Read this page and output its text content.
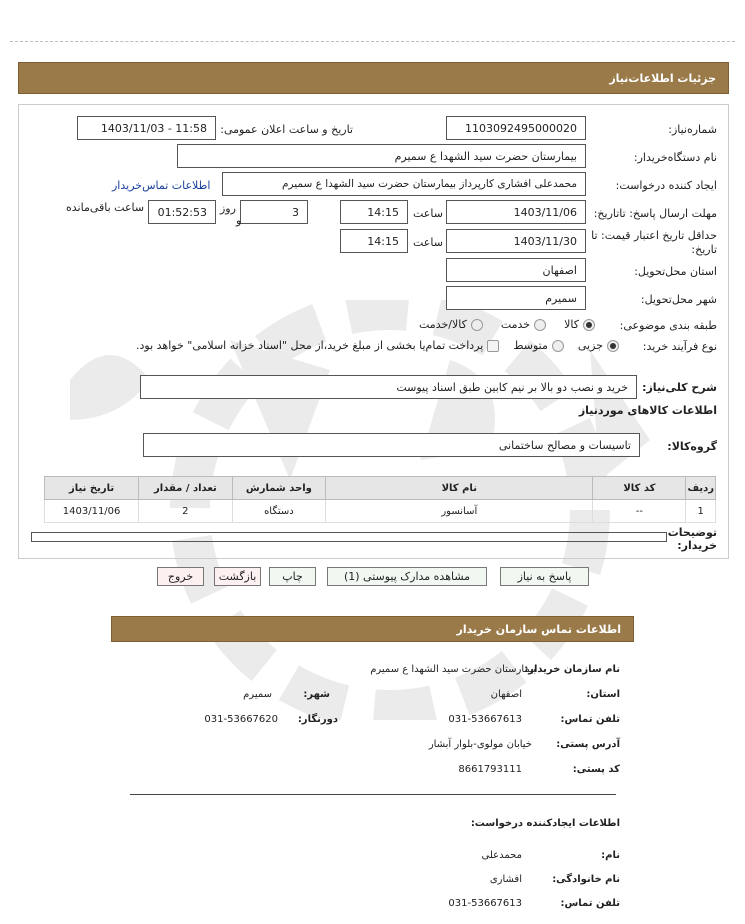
جزئیات اطلاعات‌نیاز
شماره‌نیاز:
1103092495000020
تاریخ و ساعت اعلان عمومی:
1403/11/03 - 11:58
نام دستگاه‌خریدار:
بیمارستان حضرت سید الشهدا ع سمیرم
ایجاد کننده درخواست:
محمدعلی افشاری کارپرداز بیمارستان حضرت سید الشهدا ع سمیرم
اطلاعات تماس‌خریدار
مهلت ارسال پاسخ: تاتاریخ:
1403/11/06
ساعت
14:15
3
روز
و
01:52:53
ساعت باقی‌مانده
حداقل تاریخ اعتبار قیمت: تا تاریخ:
1403/11/30
ساعت
14:15
استان محل‌تحویل:
اصفهان
شهر محل‌تحویل:
سمیرم
طبقه بندی موضوعی:
کالا
خدمت
کالا/خدمت
نوع فرآیند خرید:
جزیی
متوسط
پرداخت تمام‌یا بخشی از مبلغ خرید،از محل "اسناد خزانه اسلامی" خواهد بود.
شرح کلی‌نیاز:
خرید و نصب دو بالا بر نیم کابین طبق اسناد پیوست
اطلاعات کالاهای موردنیاز
گروه‌کالا:
تاسیسات و مصالح ساختمانی
ردیف	کد کالا	نام کالا	واحد شمارش	تعداد / مقدار	تاریخ نیاز
1	--	آسانسور	دستگاه	2	1403/11/06
توضیحات خریدار:
پاسخ به نیاز
مشاهده مدارک پیوستی (1)
چاپ
بازگشت
خروج
اطلاعات تماس سازمان خریدار
نام سازمان خریدار:
بیمارستان حضرت سید الشهدا ع سمیرم
استان:
اصفهان
شهر:
سمیرم
تلفن تماس:
031-53667613
دورنگار:
031-53667620
آدرس پستی:
خیابان مولوی-بلوار آبشار
کد پستی:
8661793111
اطلاعات ایجادکننده درخواست:
نام:
محمدعلی
نام خانوادگی:
افشاری
تلفن تماس:
031-53667613
